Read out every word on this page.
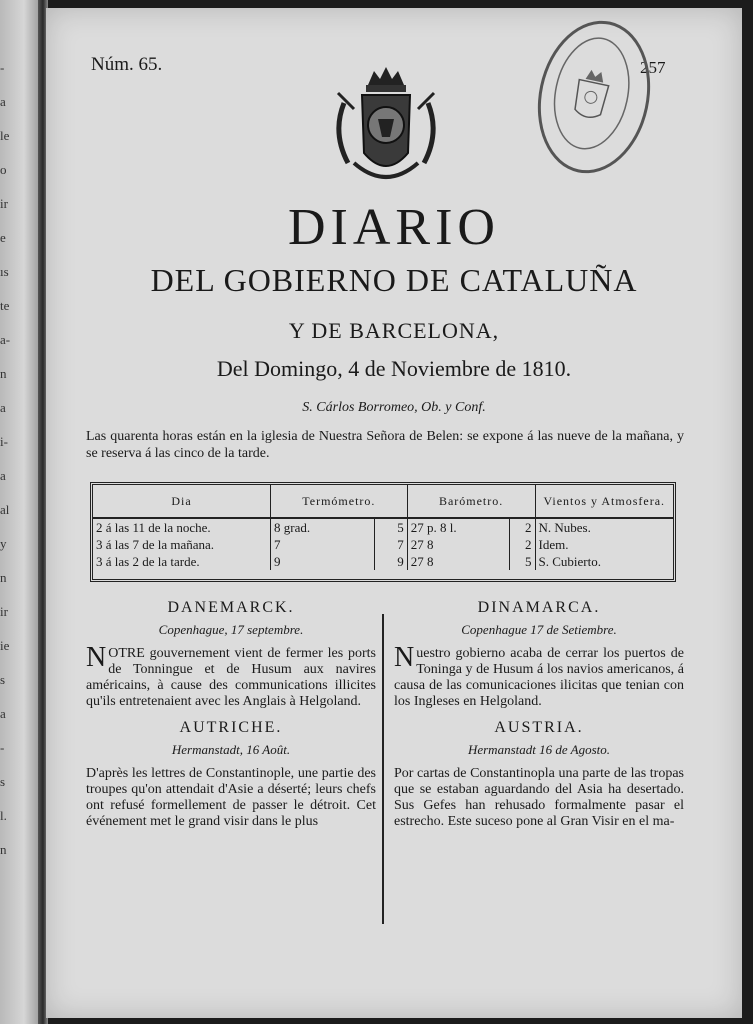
-
a
le
o
ir
e
ıs
te
a-
n
a
i-
a
al
y
n
ir
ie
s
a
-
s
l.
n
Núm. 65.	257
DIARIO
DEL GOBIERNO DE CATALUÑA
Y DE BARCELONA,
Del Domingo, 4 de Noviembre de 1810.
S. Cárlos Borromeo, Ob. y Conf.
Las quarenta horas están en la iglesia de Nuestra Señora de Belen: se expone á las nueve de la mañana, y se reserva á las cinco de la tarde.
Dia	Termómetro.		Barómetro.		Vientos y Atmosfera.
2 á las 11 de la noche.	8 grad.	5	27 p. 8 l.	2	N. Nubes.
3 á las 7 de la mañana.	7	7	27 8	2	Idem.
3 á las 2 de la tarde.	9	9	27 8	5	S. Cubierto.
DANEMARCK.
Copenhague, 17 septembre.
NOTRE gouvernement vient de fermer les ports de Tonningue et de Husum aux navires américains, à cause des communications illicites qu'ils entretenaient avec les Anglais à Helgoland.
AUTRICHE.
Hermanstadt, 16 Août.
D'après les lettres de Constantinople, une partie des troupes qu'on attendait d'Asie a déserté; leurs chefs ont refusé formellement de passer le détroit. Cet événement met le grand visir dans le plus
DINAMARCA.
Copenhague 17 de Setiembre.
Nuestro gobierno acaba de cerrar los puertos de Toninga y de Husum á los navios americanos, á causa de las comunicaciones ilicitas que tenian con los Ingleses en Helgoland.
AUSTRIA.
Hermanstadt 16 de Agosto.
Por cartas de Constantinopla una parte de las tropas que se estaban aguardando del Asia ha desertado. Sus Gefes han rehusado formalmente pasar el estrecho. Este suceso pone al Gran Visir en el ma-
